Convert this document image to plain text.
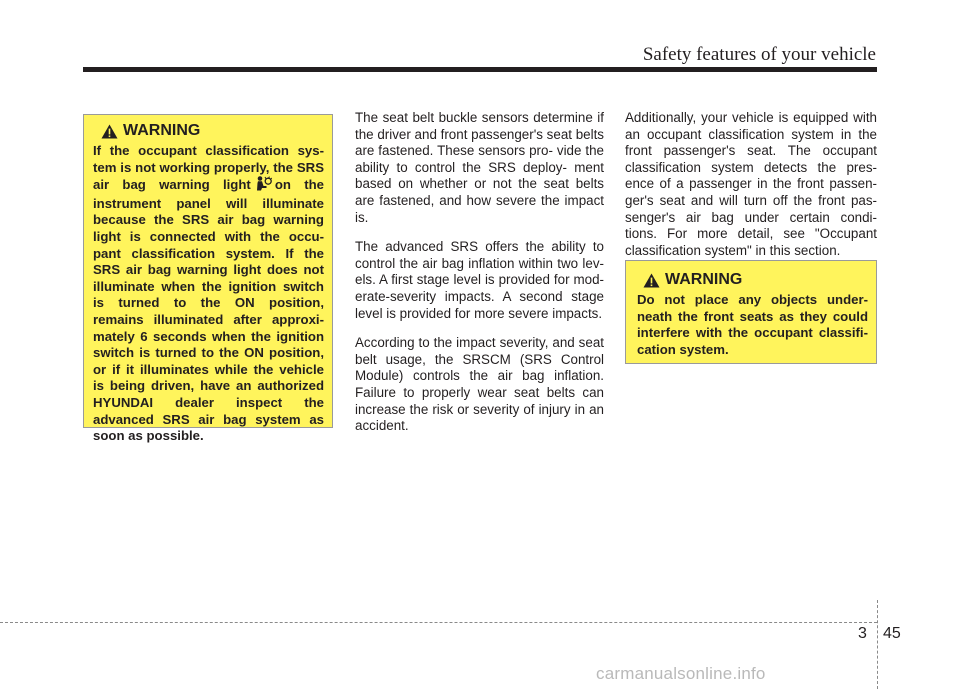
Safety features of your vehicle
WARNING
If the occupant classification sys- tem is not working properly, the SRS air bag warning light on the instrument panel will illuminate because the SRS air bag warning light is connected with the occu- pant classification system. If the SRS air bag warning light does not illuminate when the ignition switch is turned to the ON position, remains illuminated after approxi- mately 6 seconds when the ignition switch is turned to the ON position, or if it illuminates while the vehicle is being driven, have an authorized HYUNDAI dealer inspect the advanced SRS air bag system as soon as possible.

The seat belt buckle sensors determine if the driver and front passenger's seat belts are fastened. These sensors pro- vide the ability to control the SRS deploy- ment based on whether or not the seat belts are fastened, and how severe the impact is.

The advanced SRS offers the ability to control the air bag inflation within two lev- els. A first stage level is provided for mod- erate-severity impacts. A second stage level is provided for more severe impacts.

According to the impact severity, and seat belt usage, the SRSCM (SRS Control Module) controls the air bag inflation. Failure to properly wear seat belts can increase the risk or severity of injury in an accident.

Additionally, your vehicle is equipped with an occupant classification system in the front passenger's seat. The occupant classification system detects the pres- ence of a passenger in the front passen- ger's seat and will turn off the front pas- senger's air bag under certain condi- tions. For more detail, see "Occupant classification system" in this section.

WARNING
Do not place any objects under- neath the front seats as they could interfere with the occupant classifi- cation system.
3 45
carmanualsonline.info
